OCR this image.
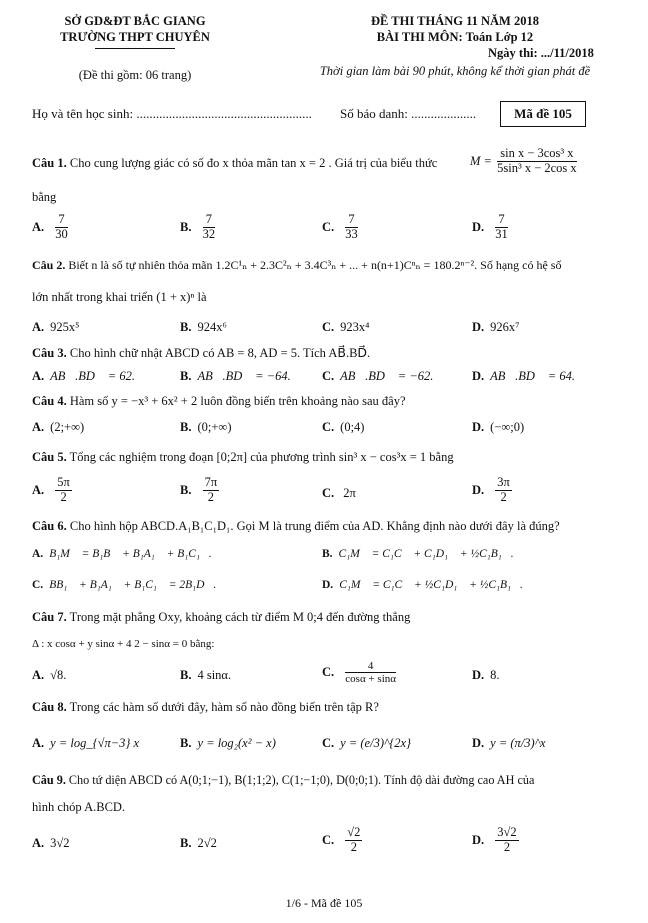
SỞ GD&ĐT BẮC GIANG
TRƯỜNG THPT CHUYÊN
(Đề thi gồm: 06 trang)
ĐỀ THI THÁNG 11 NĂM 2018
BÀI THI MÔN: Toán Lớp 12
Ngày thi: .../11/2018
Thời gian làm bài 90 phút, không kể thời gian phát đề
Họ và tên học sinh: ...................................................... Số báo danh: ....................	Mã đề 105
Câu 1. Cho cung lượng giác có số đo x thỏa mãn tan x = 2 . Giá trị của biểu thức	$M = \frac{\text{sin x − 3cos³ x}}{\text{5sin³ x − 2cos x}}$
bằng
A. $\frac{7}{30}$	B. $\frac{7}{32}$	C. $\frac{7}{33}$	D. $\frac{7}{31}$
Câu 2. Biết n là số tự nhiên thỏa mãn 1.2C¹ₙ + 2.3C²ₙ + 3.4C³ₙ + ... + n(n+1)Cⁿₙ = 180.2ⁿ⁻². Số hạng có hệ số
lớn nhất trong khai triển (1 + x)ⁿ là
A. 925x⁵	B. 924x⁶	C. 923x⁴	D. 926x⁷
Câu 3. Cho hình chữ nhật ABCD có AB = 8, AD = 5. Tích AB⃗.BD⃗.
A. AB⃗.BD⃗ = 62.	B. AB⃗.BD⃗ = −64.	C. AB⃗.BD⃗ = −62.	D. AB⃗.BD⃗ = 64.
Câu 4. Hàm số y = −x³ + 6x² + 2 luôn đồng biến trên khoảng nào sau đây?
A. (2;+∞)	B. (0;+∞)	C. (0;4)	D. (−∞;0)
Câu 5. Tổng các nghiệm trong đoạn [0;2π] của phương trình sin³ x − cos³x = 1 bằng
A. $\frac{5\pi}{2}$	B. $\frac{7\pi}{2}$	C. 2π	D. $\frac{3\pi}{2}$
Câu 6. Cho hình hộp ABCD.A₁B₁C₁D₁. Gọi M là trung điểm của AD. Khẳng định nào dưới đây là đúng?
A. B₁M⃗ = B₁B⃗ + B₁A₁⃗ + B₁C₁⃗.	B. C₁M⃗ = C₁C⃗ + C₁D₁⃗ + ½C₁B₁⃗.
C. BB₁⃗ + B₁A₁⃗ + B₁C₁⃗ = 2B₁D⃗.	D. C₁M⃗ = C₁C⃗ + ½C₁D₁⃗ + ½C₁B₁⃗.
Câu 7. Trong mặt phẳng Oxy, khoảng cách từ điểm M 0;4 đến đường thẳng
Δ : x cosα + y sinα + 4 2 − sinα = 0 bằng:
A. √8.	B. 4 sinα.	C. $\frac{4}{\cos\alpha + \sin\alpha}$	D. 8.
Câu 8. Trong các hàm số dưới đây, hàm số nào đồng biến trên tập R?
A. y = log_{√π−3} x	B. y = log₂(x² − x)	C. y = (e/3)^{2x}	D. y = (π/3)^x
Câu 9. Cho tứ diện ABCD có A(0;1;−1), B(1;1;2), C(1;−1;0), D(0;0;1). Tính độ dài đường cao AH của
hình chóp A.BCD.
A. 3√2	B. 2√2	C. $\frac{√2}{2}$	D. $\frac{3√2}{2}$
1/6 - Mã đề 105
